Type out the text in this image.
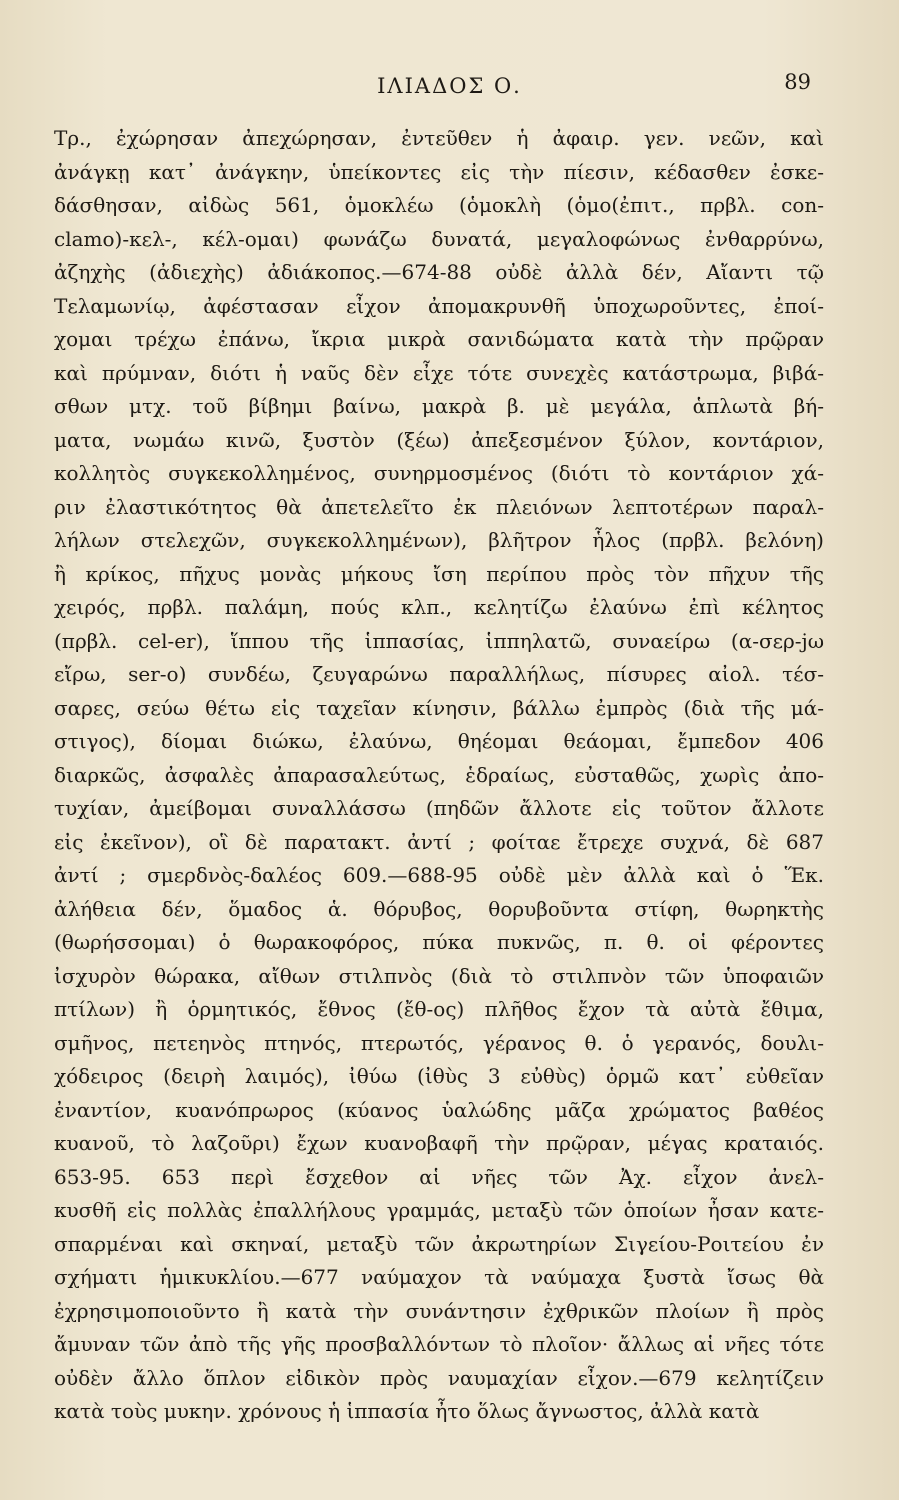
ΙΛΙΑΔΟΣ Ο.	89
Τρ., ἐχώρησαν ἀπεχώρησαν, ἐντεῦθεν ἡ ἀφαιρ. γεν. νεῶν, καὶ
ἀνάγκῃ κατ᾽ ἀνάγκην, ὑπείκοντες εἰς τὴν πίεσιν, κέδασθεν ἐσκε-
δάσθησαν, αἰδὼς 561, ὁμοκλέω (ὁμοκλὴ (ὁμο(ἐπιτ., πρβλ. con-
clamo)-κελ-, κέλ-ομαι) φωνάζω δυνατά, μεγαλοφώνως ἐνθαρρύνω,
ἀζηχὴς (ἀδιεχὴς) ἀδιάκοπος.—674-88 οὐδὲ ἀλλὰ δέν, Αἴαντι τῷ
Τελαμωνίῳ, ἀφέστασαν εἶχον ἀπομακρυνθῆ ὑποχωροῦντες, ἐποί-
χομαι τρέχω ἐπάνω, ἴκρια μικρὰ σανιδώματα κατὰ τὴν πρῷραν
καὶ πρύμναν, διότι ἡ ναῦς δὲν εἶχε τότε συνεχὲς κατάστρωμα, βιβά-
σθων μτχ. τοῦ βίβημι βαίνω, μακρὰ β. μὲ μεγάλα, ἁπλωτὰ βή-
ματα, νωμάω κινῶ, ξυστὸν (ξέω) ἀπεξεσμένον ξύλον, κοντάριον,
κολλητὸς συγκεκολλημένος, συνηρμοσμένος (διότι τὸ κοντάριον χά-
ριν ἐλαστικότητος θὰ ἀπετελεῖτο ἐκ πλειόνων λεπτοτέρων παραλ-
λήλων στελεχῶν, συγκεκολλημένων), βλῆτρον ἧλος (πρβλ. βελόνη)
ἢ κρίκος, πῆχυς μονὰς μήκους ἴση περίπου πρὸς τὸν πῆχυν τῆς
χειρός, πρβλ. παλάμη, πούς κλπ., κελητίζω ἐλαύνω ἐπὶ κέλητος
(πρβλ. cel-er), ἵππου τῆς ἱππασίας, ἱππηλατῶ, συναείρω (α-σερ-jω
εἴρω, ser-o) συνδέω, ζευγαρώνω παραλλήλως, πίσυρες αἰολ. τέσ-
σαρες, σεύω θέτω εἰς ταχεῖαν κίνησιν, βάλλω ἐμπρὸς (διὰ τῆς μά-
στιγος), δίομαι διώκω, ἐλαύνω, θηέομαι θεάομαι, ἔμπεδον 406
διαρκῶς, ἀσφαλὲς ἀπαρασαλεύτως, ἑδραίως, εὐσταθῶς, χωρὶς ἀπο-
τυχίαν, ἀμείβομαι συναλλάσσω (πηδῶν ἄλλοτε εἰς τοῦτον ἄλλοτε
εἰς ἐκεῖνον), οἳ δὲ παρατακτ. ἀντί ; φοίταε ἔτρεχε συχνά, δὲ 687
ἀντί ; σμερδνὸς-δαλέος 609.—688-95 οὐδὲ μὲν ἀλλὰ καὶ ὁ Ἕκ.
ἀλήθεια δέν, ὅμαδος ἁ. θόρυβος, θορυβοῦντα στίφη, θωρηκτὴς
(θωρήσσομαι) ὁ θωρακοφόρος, πύκα πυκνῶς, π. θ. οἱ φέροντες
ἰσχυρὸν θώρακα, αἴθων στιλπνὸς (διὰ τὸ στιλπνὸν τῶν ὑποφαιῶν
πτίλων) ἢ ὁρμητικός, ἔθνος (ἔθ-ος) πλῆθος ἔχον τὰ αὐτὰ ἔθιμα,
σμῆνος, πετεηνὸς πτηνός, πτερωτός, γέρανος θ. ὁ γερανός, δουλι-
χόδειρος (δειρὴ λαιμός), ἰθύω (ἰθὺς 3 εὐθὺς) ὁρμῶ κατ᾽ εὐθεῖαν
ἐναντίον, κυανόπρωρος (κύανος ὑαλώδης μᾶζα χρώματος βαθέος
κυανοῦ, τὸ λαζοῦρι) ἔχων κυανοβαφῆ τὴν πρῷραν, μέγας κραταιός.
653-95. 653 περὶ ἔσχεθον αἱ νῆες τῶν Ἀχ. εἶχον ἀνελ-
κυσθῆ εἰς πολλὰς ἐπαλλήλους γραμμάς, μεταξὺ τῶν ὁποίων ἦσαν κατε-
σπαρμέναι καὶ σκηναί, μεταξὺ τῶν ἀκρωτηρίων Σιγείου-Ροιτείου ἐν
σχήματι ἡμικυκλίου.—677 ναύμαχον τὰ ναύμαχα ξυστὰ ἴσως θὰ
ἐχρησιμοποιοῦντο ἢ κατὰ τὴν συνάντησιν ἐχθρικῶν πλοίων ἢ πρὸς
ἄμυναν τῶν ἀπὸ τῆς γῆς προσβαλλόντων τὸ πλοῖον· ἄλλως αἱ νῆες τότε
οὐδὲν ἄλλο ὅπλον εἰδικὸν πρὸς ναυμαχίαν εἶχον.—679 κελητίζειν
κατὰ τοὺς μυκην. χρόνους ἡ ἱππασία ἦτο ὅλως ἄγνωστος, ἀλλὰ κατὰ
